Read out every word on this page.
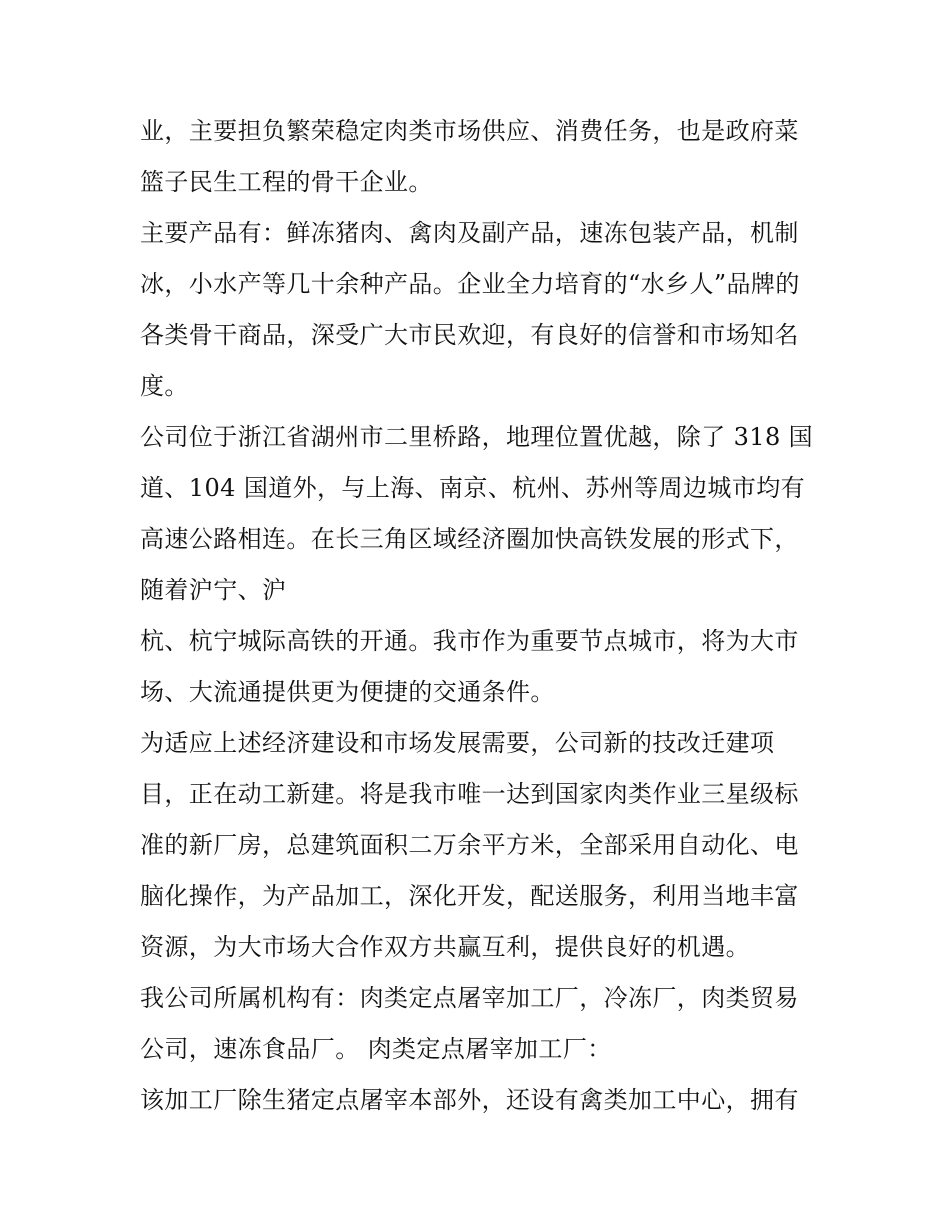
业，主要担负繁荣稳定肉类市场供应、消费任务，也是政府菜
篮子民生工程的骨干企业。
主要产品有：鲜冻猪肉、禽肉及副产品，速冻包装产品，机制
冰，小水产等几十余种产品。企业全力培育的“水乡人”品牌的
各类骨干商品，深受广大市民欢迎，有良好的信誉和市场知名
度。
公司位于浙江省湖州市二里桥路，地理位置优越，除了 318 国
道、104 国道外，与上海、南京、杭州、苏州等周边城市均有
高速公路相连。在长三角区域经济圈加快高铁发展的形式下，
随着沪宁、沪
杭、杭宁城际高铁的开通。我市作为重要节点城市，将为大市
场、大流通提供更为便捷的交通条件。
为适应上述经济建设和市场发展需要，公司新的技改迁建项
目，正在动工新建。将是我市唯一达到国家肉类作业三星级标
准的新厂房，总建筑面积二万余平方米，全部采用自动化、电
脑化操作，为产品加工，深化开发，配送服务，利用当地丰富
资源，为大市场大合作双方共赢互利，提供良好的机遇。
我公司所属机构有：肉类定点屠宰加工厂，冷冻厂，肉类贸易
公司，速冻食品厂。 肉类定点屠宰加工厂：
该加工厂除生猪定点屠宰本部外，还设有禽类加工中心，拥有
